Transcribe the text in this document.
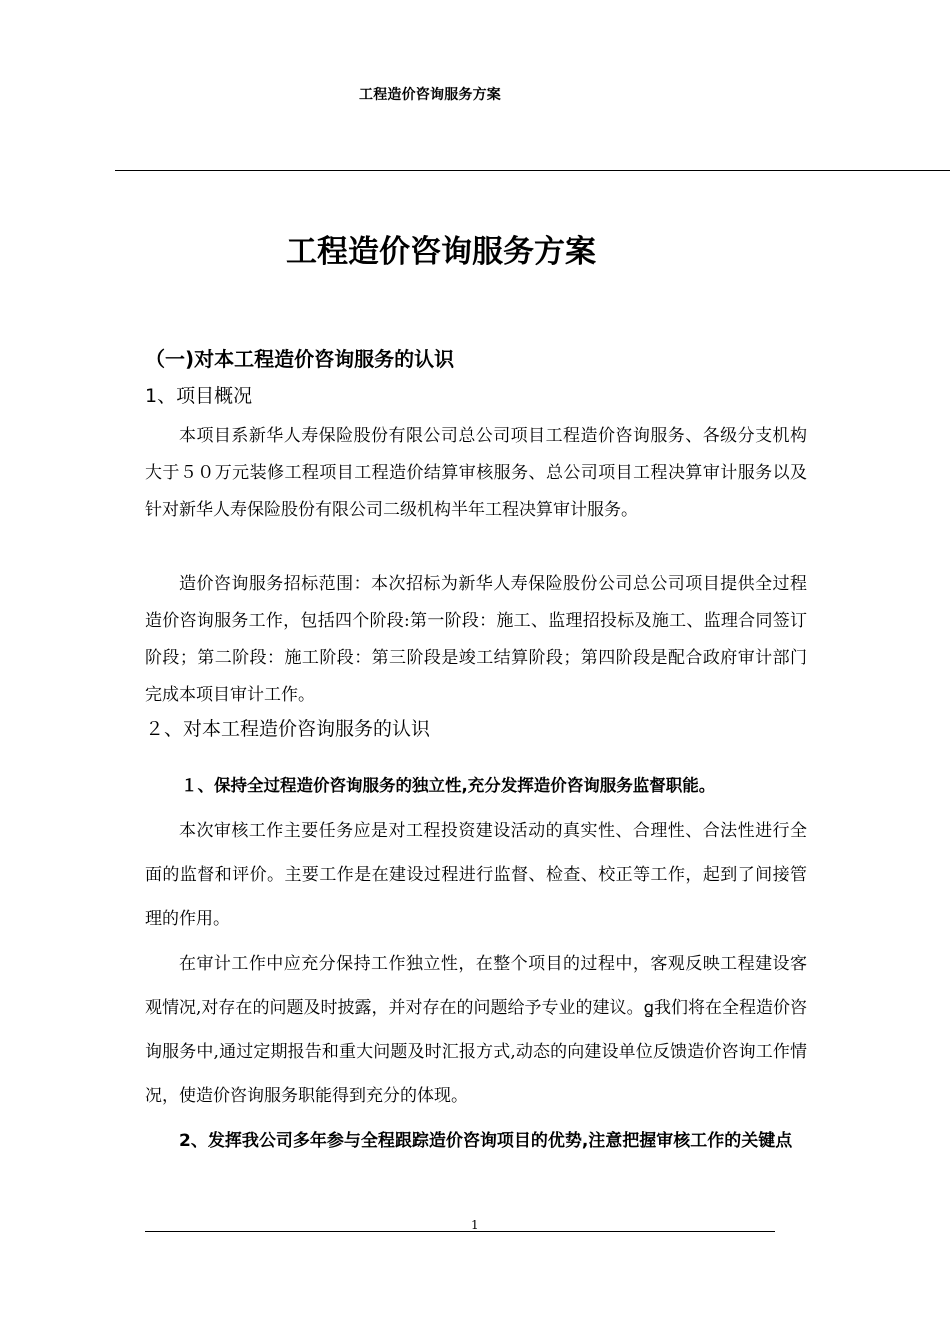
工程造价咨询服务方案
工程造价咨询服务方案
（一)对本工程造价咨询服务的认识
1、项目概况

本项目系新华人寿保险股份有限公司总公司项目工程造价咨询服务、各级分支机构大于５０万元装修工程项目工程造价结算审核服务、总公司项目工程决算审计服务以及针对新华人寿保险股份有限公司二级机构半年工程决算审计服务。

造价咨询服务招标范围：本次招标为新华人寿保险股份公司总公司项目提供全过程造价咨询服务工作，包括四个阶段:第一阶段：施工、监理招投标及施工、监理合同签订阶段；第二阶段：施工阶段：第三阶段是竣工结算阶段；第四阶段是配合政府审计部门完成本项目审计工作。

２、对本工程造价咨询服务的认识
１、保持全过程造价咨询服务的独立性,充分发挥造价咨询服务监督职能。

本次审核工作主要任务应是对工程投资建设活动的真实性、合理性、合法性进行全面的监督和评价。主要工作是在建设过程进行监督、检查、校正等工作，起到了间接管理的作用。

在审计工作中应充分保持工作独立性，在整个项目的过程中，客观反映工程建设客观情况,对存在的问题及时披露，并对存在的问题给予专业的建议。ꬶ我们将在全程造价咨询服务中,通过定期报告和重大问题及时汇报方式,动态的向建设单位反馈造价咨询工作情况，使造价咨询服务职能得到充分的体现。

2、发挥我公司多年参与全程跟踪造价咨询项目的优势,注意把握审核工作的关键点

1
